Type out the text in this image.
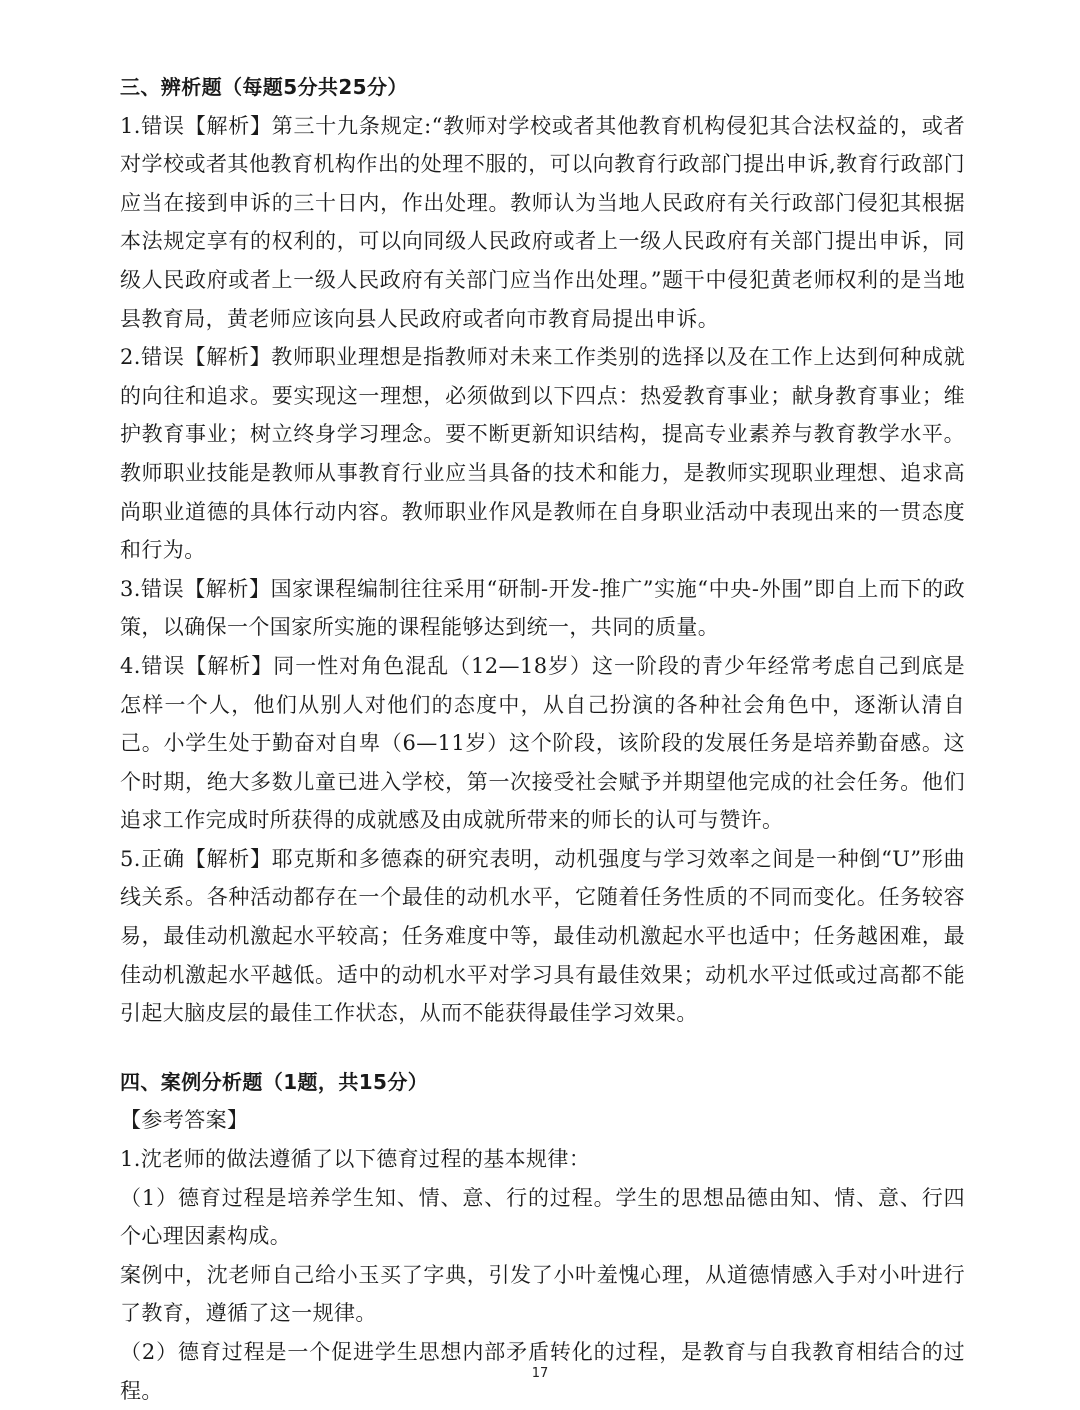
三、辨析题（每题5分共25分）

1.错误【解析】第三十九条规定:“教师对学校或者其他教育机构侵犯其合法权益的，或者对学校或者其他教育机构作出的处理不服的，可以向教育行政部门提出申诉,教育行政部门应当在接到申诉的三十日内，作出处理。教师认为当地人民政府有关行政部门侵犯其根据本法规定享有的权利的，可以向同级人民政府或者上一级人民政府有关部门提出申诉，同级人民政府或者上一级人民政府有关部门应当作出处理。”题干中侵犯黄老师权利的是当地县教育局，黄老师应该向县人民政府或者向市教育局提出申诉。

2.错误【解析】教师职业理想是指教师对未来工作类别的选择以及在工作上达到何种成就的向往和追求。要实现这一理想，必须做到以下四点：热爱教育事业；献身教育事业；维护教育事业；树立终身学习理念。要不断更新知识结构，提高专业素养与教育教学水平。教师职业技能是教师从事教育行业应当具备的技术和能力，是教师实现职业理想、追求高尚职业道德的具体行动内容。教师职业作风是教师在自身职业活动中表现出来的一贯态度和行为。

3.错误【解析】国家课程编制往往采用“研制-开发-推广”实施“中央-外围”即自上而下的政策，以确保一个国家所实施的课程能够达到统一，共同的质量。

4.错误【解析】同一性对角色混乱（12—18岁）这一阶段的青少年经常考虑自己到底是怎样一个人，他们从别人对他们的态度中，从自己扮演的各种社会角色中，逐渐认清自己。小学生处于勤奋对自卑（6—11岁）这个阶段，该阶段的发展任务是培养勤奋感。这个时期，绝大多数儿童已进入学校，第一次接受社会赋予并期望他完成的社会任务。他们追求工作完成时所获得的成就感及由成就所带来的师长的认可与赞许。

5.正确【解析】耶克斯和多德森的研究表明，动机强度与学习效率之间是一种倒“U”形曲线关系。各种活动都存在一个最佳的动机水平，它随着任务性质的不同而变化。任务较容易，最佳动机激起水平较高；任务难度中等，最佳动机激起水平也适中；任务越困难，最佳动机激起水平越低。适中的动机水平对学习具有最佳效果；动机水平过低或过高都不能引起大脑皮层的最佳工作状态，从而不能获得最佳学习效果。

四、案例分析题（1题，共15分）

【参考答案】

1.沈老师的做法遵循了以下德育过程的基本规律：

（1）德育过程是培养学生知、情、意、行的过程。学生的思想品德由知、情、意、行四个心理因素构成。

案例中，沈老师自己给小玉买了字典，引发了小叶羞愧心理，从道德情感入手对小叶进行了教育，遵循了这一规律。

（2）德育过程是一个促进学生思想内部矛盾转化的过程，是教育与自我教育相结合的过程。

17
